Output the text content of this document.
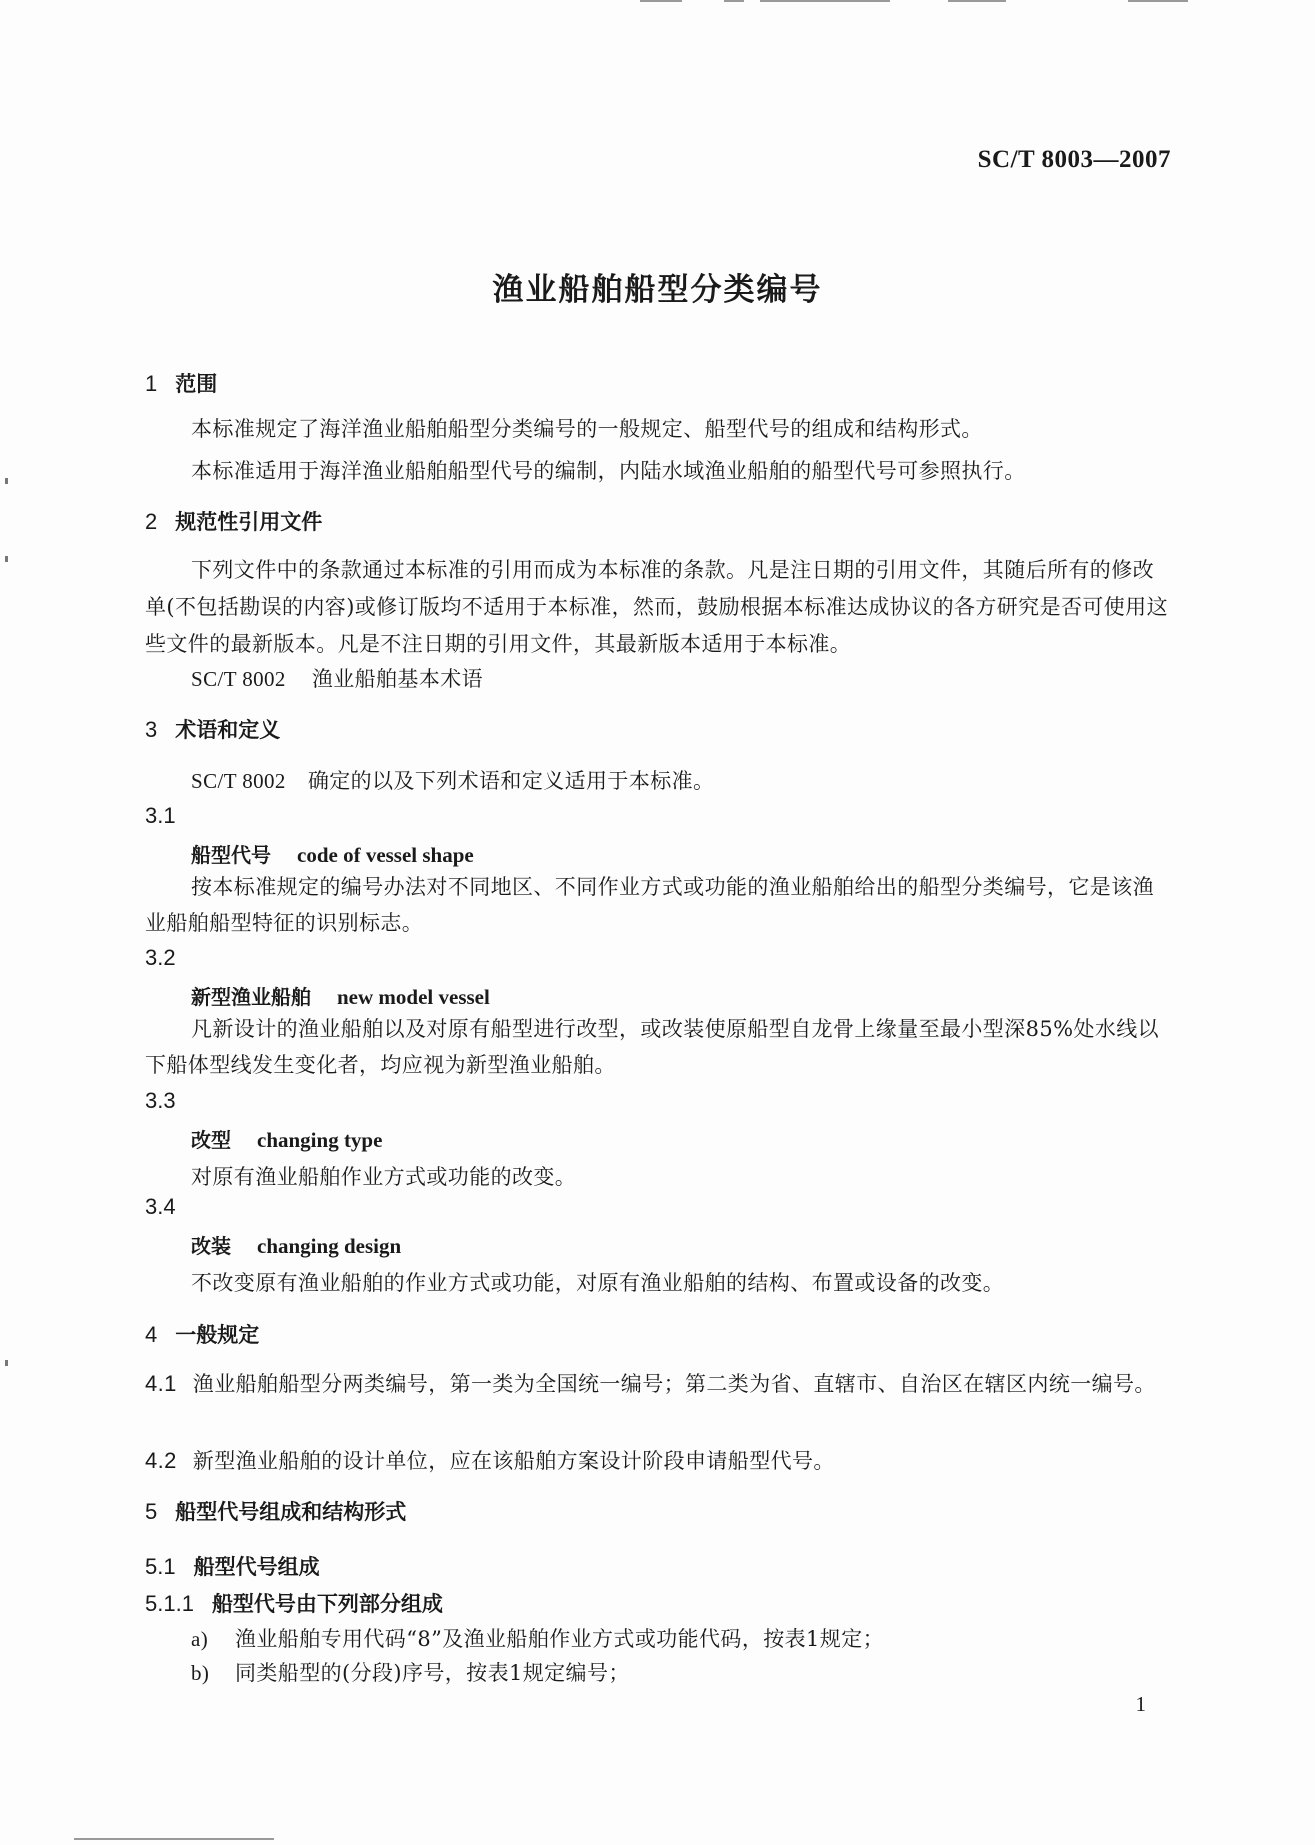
SC/T 8003—2007
渔业船舶船型分类编号
1 范围
本标准规定了海洋渔业船舶船型分类编号的一般规定、船型代号的组成和结构形式。
本标准适用于海洋渔业船舶船型代号的编制，内陆水域渔业船舶的船型代号可参照执行。
2 规范性引用文件
下列文件中的条款通过本标准的引用而成为本标准的条款。凡是注日期的引用文件，其随后所有的修改单(不包括勘误的内容)或修订版均不适用于本标准，然而，鼓励根据本标准达成协议的各方研究是否可使用这些文件的最新版本。凡是不注日期的引用文件，其最新版本适用于本标准。
SC/T 8002 渔业船舶基本术语
3 术语和定义
SC/T 8002 确定的以及下列术语和定义适用于本标准。
3.1
船型代号 code of vessel shape
按本标准规定的编号办法对不同地区、不同作业方式或功能的渔业船舶给出的船型分类编号，它是该渔业船舶船型特征的识别标志。
3.2
新型渔业船舶 new model vessel
凡新设计的渔业船舶以及对原有船型进行改型，或改装使原船型自龙骨上缘量至最小型深85%处水线以下船体型线发生变化者，均应视为新型渔业船舶。
3.3
改型 changing type
对原有渔业船舶作业方式或功能的改变。
3.4
改装 changing design
不改变原有渔业船舶的作业方式或功能，对原有渔业船舶的结构、布置或设备的改变。
4 一般规定
4.1 渔业船舶船型分两类编号，第一类为全国统一编号；第二类为省、直辖市、自治区在辖区内统一编号。
4.2 新型渔业船舶的设计单位，应在该船舶方案设计阶段申请船型代号。
5 船型代号组成和结构形式
5.1 船型代号组成
5.1.1 船型代号由下列部分组成
a) 渔业船舶专用代码“8”及渔业船舶作业方式或功能代码，按表1规定；
b) 同类船型的(分段)序号，按表1规定编号；
1
